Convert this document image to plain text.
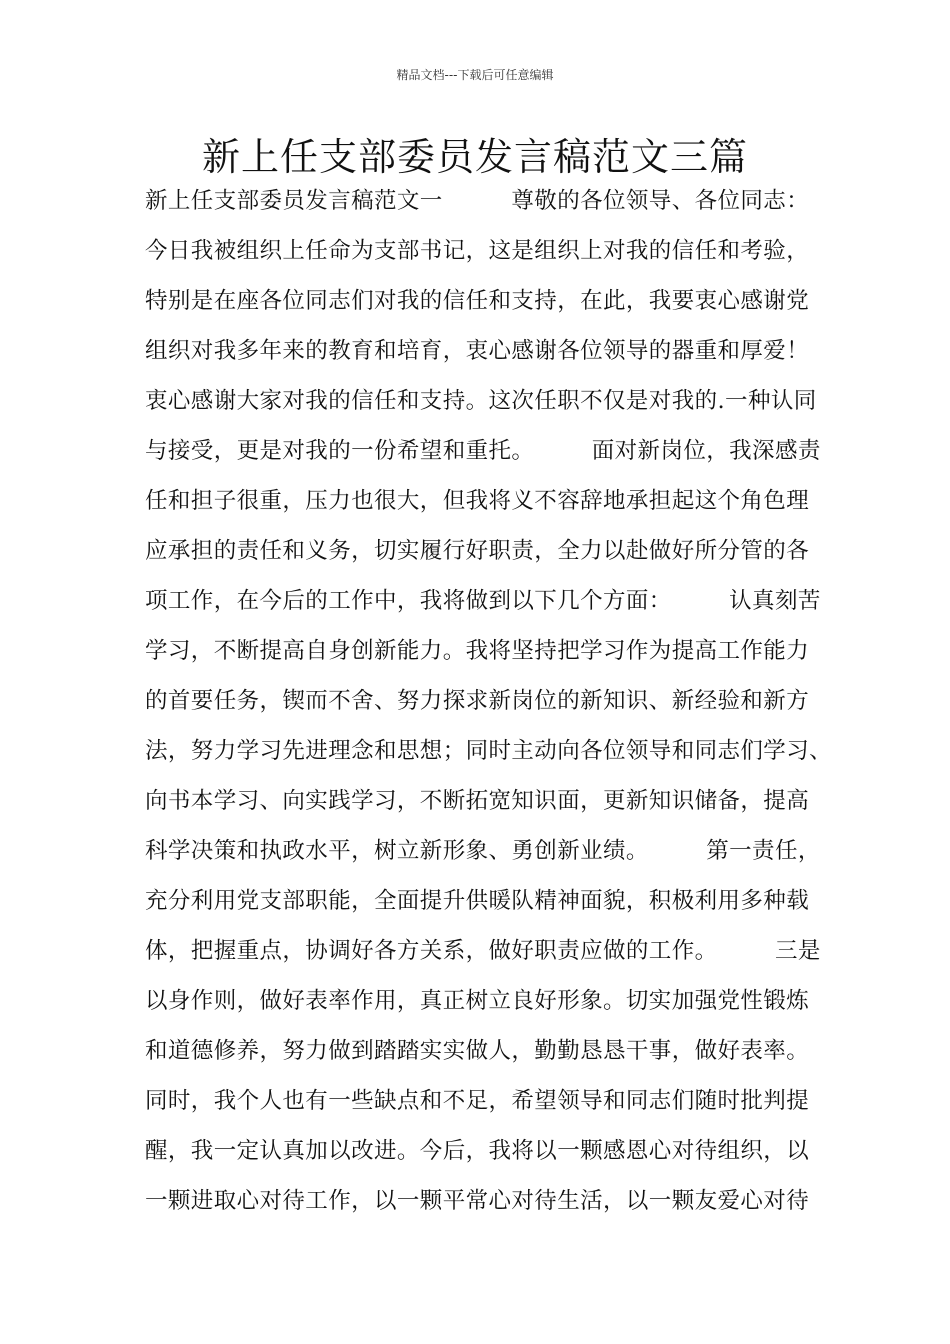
精品文档---下载后可任意编辑
新上任支部委员发言稿范文三篇
新上任支部委员发言稿范文一　　　尊敬的各位领导、各位同志：
今日我被组织上任命为支部书记，这是组织上对我的信任和考验，
特别是在座各位同志们对我的信任和支持，在此，我要衷心感谢党
组织对我多年来的教育和培育，衷心感谢各位领导的器重和厚爱！
衷心感谢大家对我的信任和支持。这次任职不仅是对我的.一种认同
与接受，更是对我的一份希望和重托。　　　面对新岗位，我深感责
任和担子很重，压力也很大，但我将义不容辞地承担起这个角色理
应承担的责任和义务，切实履行好职责，全力以赴做好所分管的各
项工作，在今后的工作中，我将做到以下几个方面：　　　认真刻苦
学习，不断提高自身创新能力。我将坚持把学习作为提高工作能力
的首要任务，锲而不舍、努力探求新岗位的新知识、新经验和新方
法，努力学习先进理念和思想；同时主动向各位领导和同志们学习、
向书本学习、向实践学习，不断拓宽知识面，更新知识储备，提高
科学决策和执政水平，树立新形象、勇创新业绩。　　　第一责任，
充分利用党支部职能，全面提升供暖队精神面貌，积极利用多种载
体，把握重点，协调好各方关系，做好职责应做的工作。　　　三是
以身作则，做好表率作用，真正树立良好形象。切实加强党性锻炼
和道德修养，努力做到踏踏实实做人，勤勤恳恳干事，做好表率。
同时，我个人也有一些缺点和不足，希望领导和同志们随时批判提
醒，我一定认真加以改进。今后，我将以一颗感恩心对待组织，以
一颗进取心对待工作，以一颗平常心对待生活，以一颗友爱心对待
